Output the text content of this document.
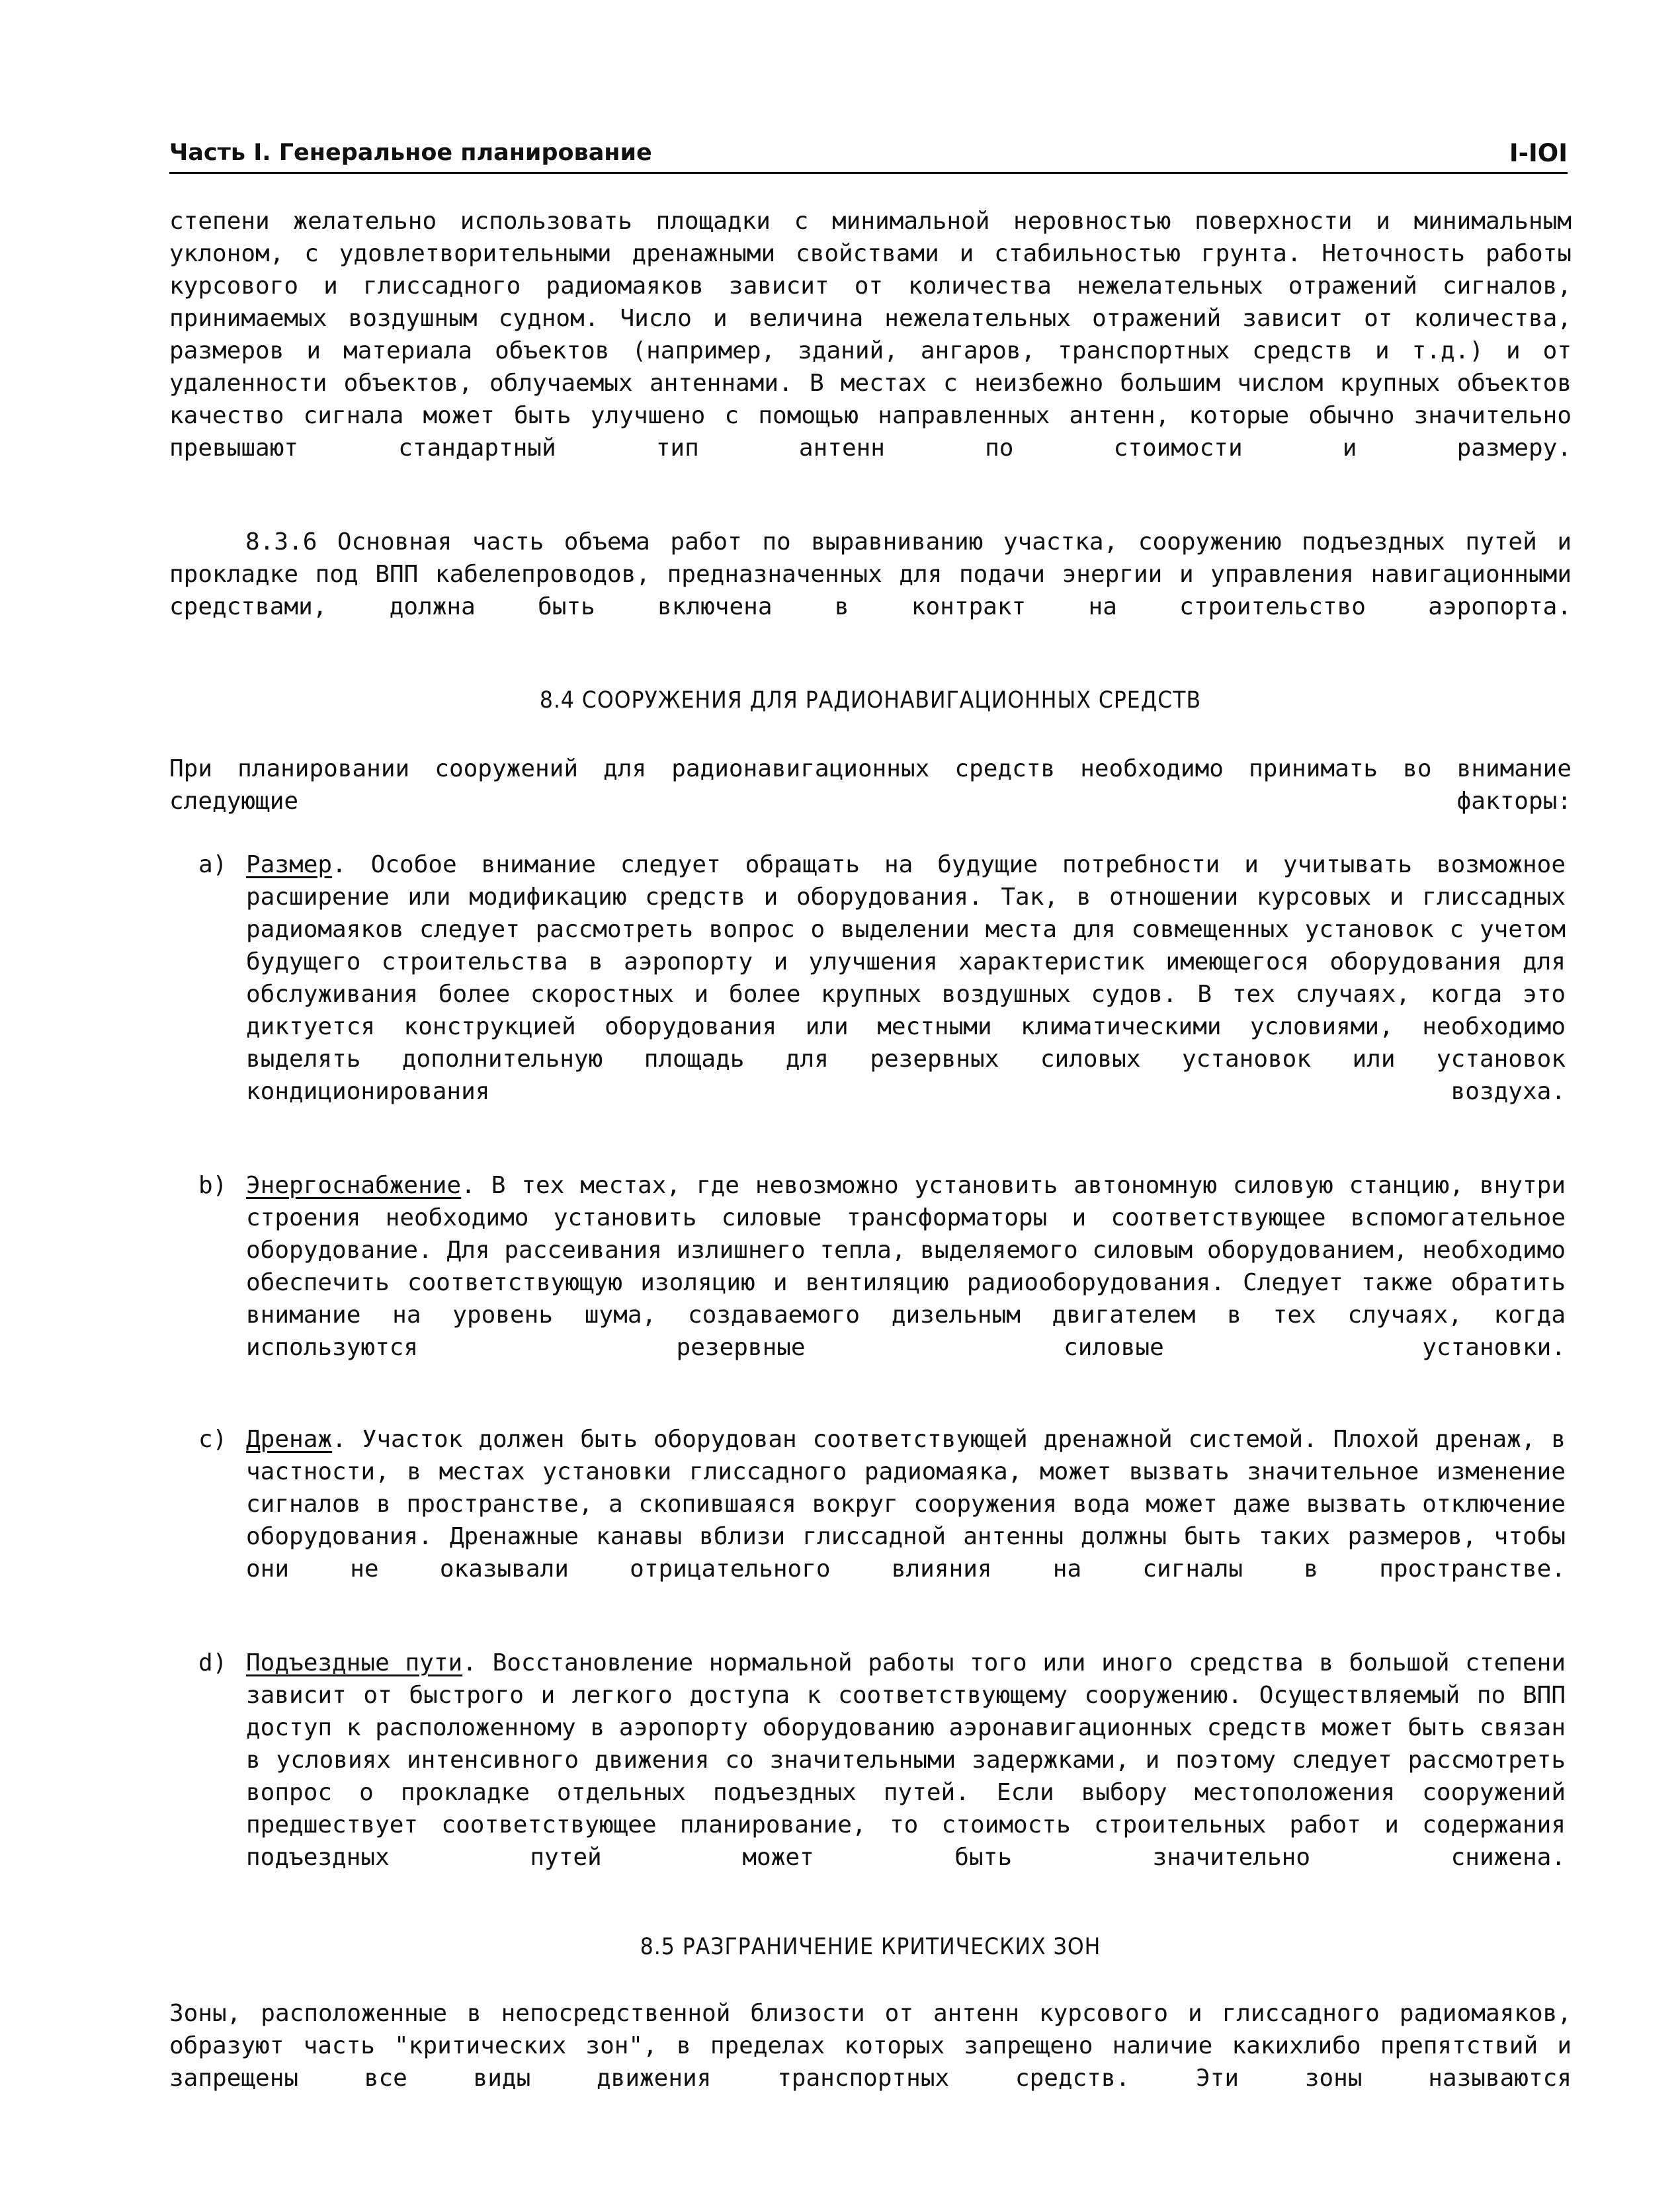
Часть I. Генеральное планирование	I-IOI

степени желательно использовать площадки с минимальной неровностью поверхности и минимальным уклоном, с удовлетворительными дренажными свойствами и стабильностью грунта. Неточность работы курсового и глиссадного радиомаяков зависит от количества нежелательных отражений сигналов, принимаемых воздушным судном. Число и величина нежелательных отражений зависит от количества, размеров и материала объектов (например, зданий, ангаров, транспортных средств и т.д.) и от удаленности объектов, облучаемых антеннами. В местах с неизбежно большим числом крупных объектов качество сигнала может быть улучшено с помощью направленных антенн, которые обычно значительно превышают стандартный тип антенн по стоимости и размеру.

8.3.6 Основная часть объема работ по выравниванию участка, сооружению подъездных путей и прокладке под ВПП кабелепроводов, предназначенных для подачи энергии и управления навигационными средствами, должна быть включена в контракт на строительство аэропорта.

8.4 СООРУЖЕНИЯ ДЛЯ РАДИОНАВИГАЦИОННЫХ СРЕДСТВ

При планировании сооружений для радионавигационных средств необходимо принимать во внимание следующие факторы:

a) Размер. Особое внимание следует обращать на будущие потребности и учитывать возможное расширение или модификацию средств и оборудования. Так, в отношении курсовых и глиссадных радиомаяков следует рассмотреть вопрос о выделении места для совмещенных установок с учетом будущего строительства в аэропорту и улучшения характеристик имеющегося оборудования для обслуживания более скоростных и более крупных воздушных судов. В тех случаях, когда это диктуется конструкцией оборудования или местными климатическими условиями, необходимо выделять дополнительную площадь для резервных силовых установок или установок кондиционирования воздуха.

b) Энергоснабжение. В тех местах, где невозможно установить автономную силовую станцию, внутри строения необходимо установить силовые трансформаторы и соответствующее вспомогательное оборудование. Для рассеивания излишнего тепла, выделяемого силовым оборудованием, необходимо обеспечить соответствующую изоляцию и вентиляцию радиооборудования. Следует также обратить внимание на уровень шума, создаваемого дизельным двигателем в тех случаях, когда используются резервные силовые установки.

c) Дренаж. Участок должен быть оборудован соответствующей дренажной системой. Плохой дренаж, в частности, в местах установки глиссадного радиомаяка, может вызвать значительное изменение сигналов в пространстве, а скопившаяся вокруг сооружения вода может даже вызвать отключение оборудования. Дренажные канавы вблизи глиссадной антенны должны быть таких размеров, чтобы они не оказывали отрицательного влияния на сигналы в пространстве.

d) Подъездные пути. Восстановление нормальной работы того или иного средства в большой степени зависит от быстрого и легкого доступа к соответствующему сооружению. Осуществляемый по ВПП доступ к расположенному в аэропорту оборудованию аэронавигационных средств может быть связан в условиях интенсивного движения со значительными задержками, и поэтому следует рассмотреть вопрос о прокладке отдельных подъездных путей. Если выбору местоположения сооружений предшествует соответствующее планирование, то стоимость строительных работ и содержания подъездных путей может быть значительно снижена.

8.5 РАЗГРАНИЧЕНИЕ КРИТИЧЕСКИХ ЗОН

Зоны, расположенные в непосредственной близости от антенн курсового и глиссадного радиомаяков, образуют часть "критических зон", в пределах которых запрещено наличие какихлибо препятствий и запрещены все виды движения транспортных средств. Эти зоны называются
